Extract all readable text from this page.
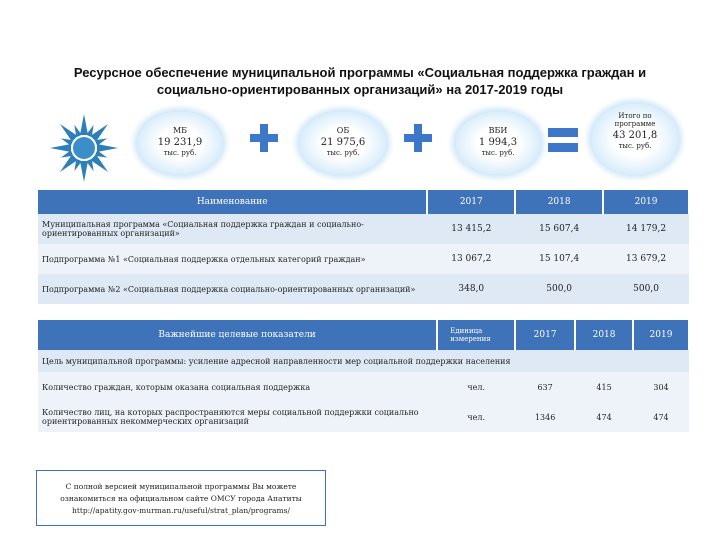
Ресурсное обеспечение муниципальной программы «Социальная поддержка граждан и социально-ориентированных организаций» на 2017-2019 годы
МБ
19 231,9
тыс. руб.
ОБ
21 975,6
тыс. руб.
ВБИ
1 994,3
тыс. руб.
Итого по программе
43 201,8
тыс. руб.
Наименование	2017	2018	2019
Муниципальная программа «Социальная поддержка граждан и социально-ориентированных организаций»	13 415,2	15 607,4	14 179,2
Подпрограмма №1 «Социальная поддержка отдельных категорий граждан»	13 067,2	15 107,4	13 679,2
Подпрограмма №2 «Социальная поддержка социально-ориентированных организаций»	348,0	500,0	500,0
Важнейшие целевые показатели	Единица измерения	2017	2018	2019
Цель муниципальной программы: усиление адресной направленности мер социальной поддержки населения				
Количество граждан, которым оказана социальная поддержка	чел.	637	415	304
Количество лиц, на которых распространяются меры социальной поддержки социально ориентированных некоммерческих организаций	чел.	1346	474	474
С полной версией муниципальной программы Вы можете ознакомиться на официальном сайте ОМСУ города Апатиты http://apatity.gov-murman.ru/useful/strat_plan/programs/
